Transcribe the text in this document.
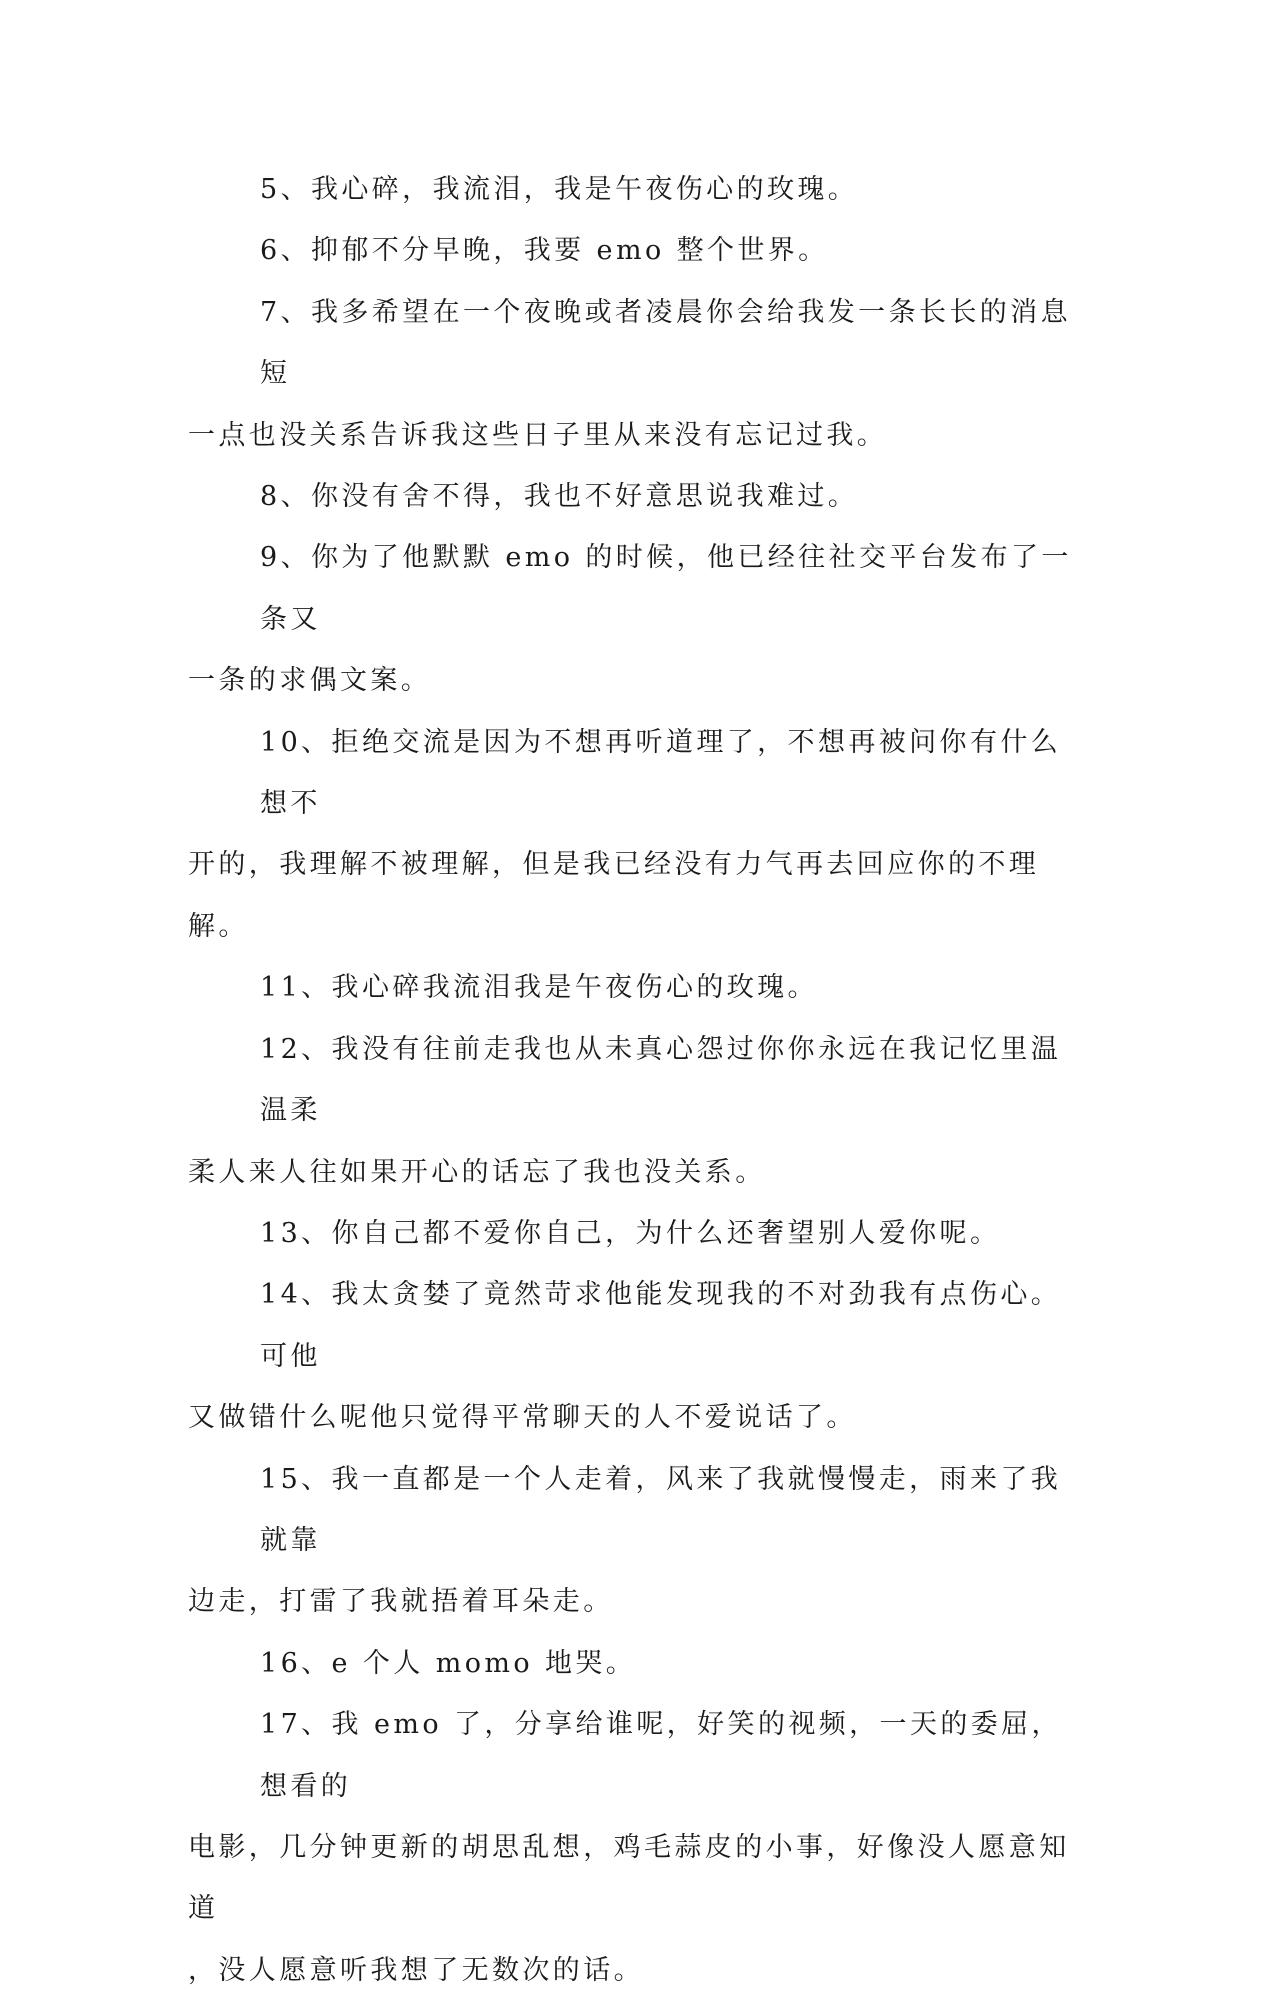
5、我心碎，我流泪，我是午夜伤心的玫瑰。

6、抑郁不分早晚，我要 emo 整个世界。

7、我多希望在一个夜晚或者凌晨你会给我发一条长长的消息短
一点也没关系告诉我这些日子里从来没有忘记过我。

8、你没有舍不得，我也不好意思说我难过。

9、你为了他默默 emo 的时候，他已经往社交平台发布了一条又
一条的求偶文案。

10、拒绝交流是因为不想再听道理了，不想再被问你有什么想不
开的，我理解不被理解，但是我已经没有力气再去回应你的不理解。

11、我心碎我流泪我是午夜伤心的玫瑰。

12、我没有往前走我也从未真心怨过你你永远在我记忆里温温柔
柔人来人往如果开心的话忘了我也没关系。

13、你自己都不爱你自己，为什么还奢望别人爱你呢。

14、我太贪婪了竟然苛求他能发现我的不对劲我有点伤心。可他
又做错什么呢他只觉得平常聊天的人不爱说话了。

15、我一直都是一个人走着，风来了我就慢慢走，雨来了我就靠
边走，打雷了我就捂着耳朵走。

16、e 个人 momo 地哭。

17、我 emo 了，分享给谁呢，好笑的视频，一天的委屈，想看的
电影，几分钟更新的胡思乱想，鸡毛蒜皮的小事，好像没人愿意知道
，没人愿意听我想了无数次的话。
